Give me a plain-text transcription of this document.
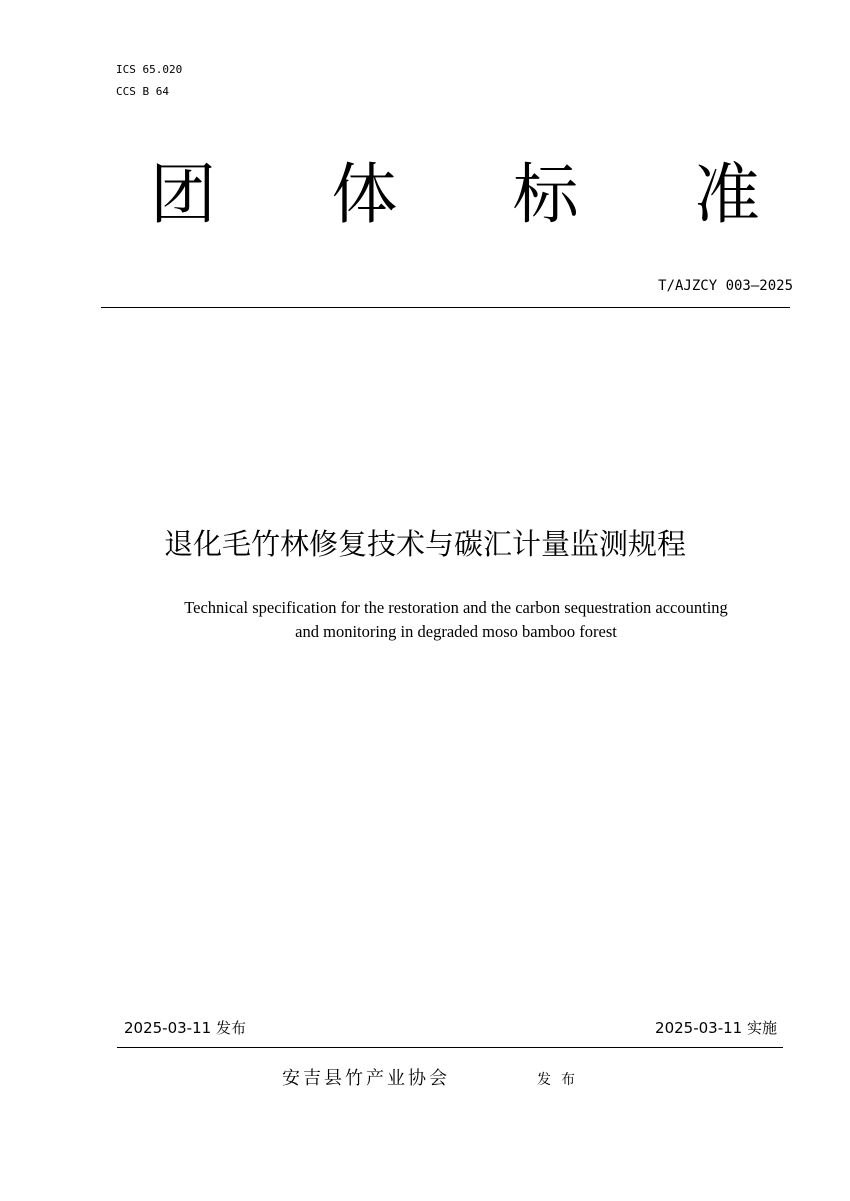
ICS 65.020
CCS B 64
团 体 标 准
T/AJZCY 003—2025
退化毛竹林修复技术与碳汇计量监测规程
Technical specification for the restoration and the carbon sequestration accounting
and monitoring in degraded moso bamboo forest
2025-03-11 发布	2025-03-11 实施
安吉县竹产业协会	发布
